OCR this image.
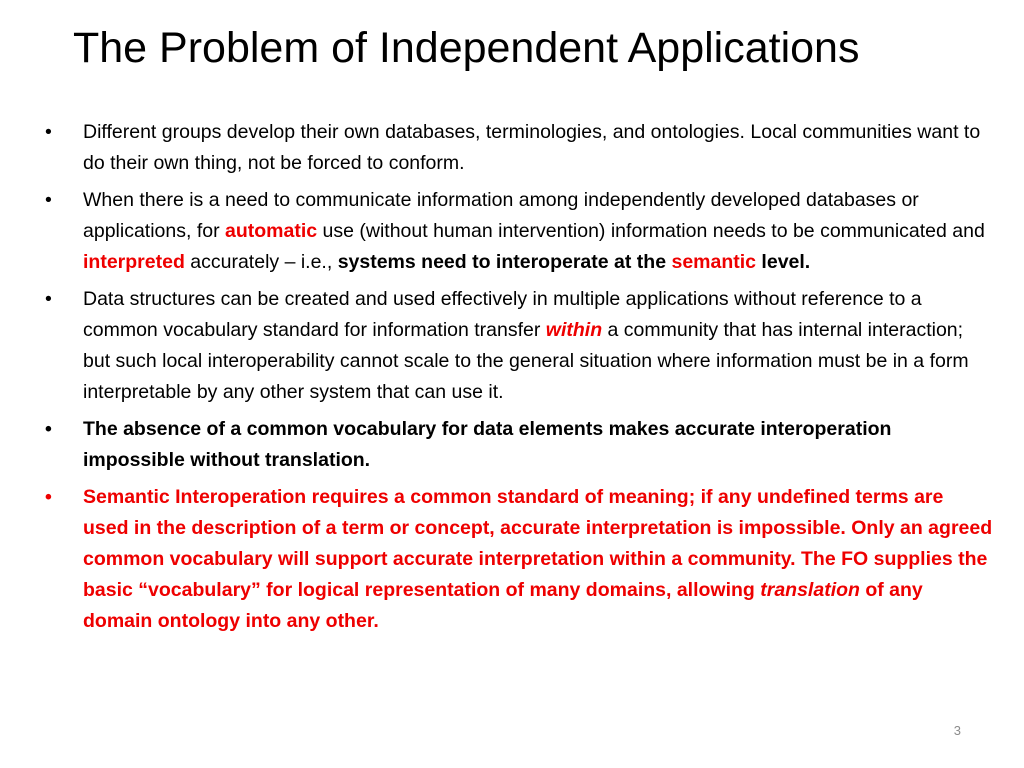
The Problem of Independent Applications
• Different groups develop their own databases, terminologies, and ontologies. Local communities want to do their own thing, not be forced to conform.
• When there is a need to communicate information among independently developed databases or applications, for automatic use (without human intervention) information needs to be communicated and interpreted accurately – i.e., systems need to interoperate at the semantic level.
• Data structures can be created and used effectively in multiple applications without reference to a common vocabulary standard for information transfer within a community that has internal interaction; but such local interoperability cannot scale to the general situation where information must be in a form interpretable by any other system that can use it.
• The absence of a common vocabulary for data elements makes accurate interoperation impossible without translation.
• Semantic Interoperation requires a common standard of meaning; if any undefined terms are used in the description of a term or concept, accurate interpretation is impossible. Only an agreed common vocabulary will support accurate interpretation within a community. The FO supplies the basic “vocabulary” for logical representation of many domains, allowing translation of any domain ontology into any other.
3
